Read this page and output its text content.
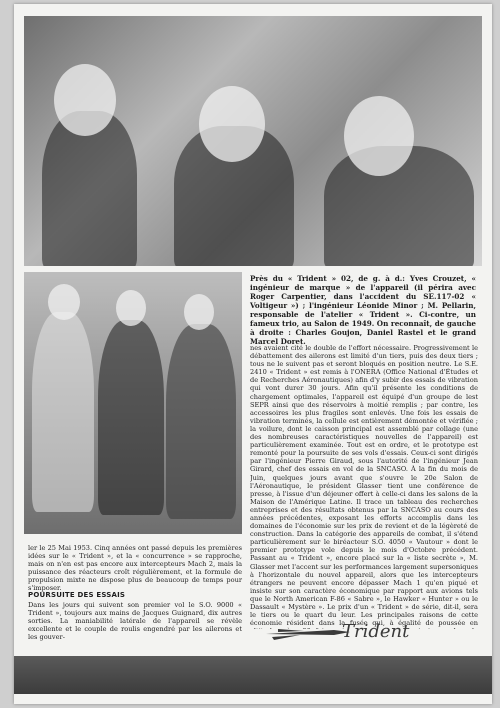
Près du « Trident » 02, de g. à d.: Yves Crouzet, « ingénieur de marque » de l'appareil (il périra avec Roger Carpentier, dans l'accident du SE.117-02 « Voltigeur ») ; l'ingénieur Léonide Minor ; M. Pellarin, responsable de l'atelier « Trident ». Ci-contre, un fameux trio, au Salon de 1949. On reconnaît, de gauche à droite : Charles Goujon, Daniel Rastel et le grand Marcel Doret.
nes avaient cité le double de l'effort nécessaire. Progressivement le débattement des ailerons est limité d'un tiers, puis des deux tiers ; tous ne le suivent pas et seront bloqués en position neutre. Le S.E. 2410 « Trident » est remis à l'ONERA (Office National d'Études et de Recherches Aéronautiques) afin d'y subir des essais de vibration qui vont durer 30 jours. Afin qu'il présente les conditions de chargement optimales, l'appareil est équipé d'un groupe de lest SEPR ainsi que des réservoirs à moitié remplis ; par contre, les accessoires les plus fragiles sont enlevés. Une fois les essais de vibration terminés, la cellule est entièrement démontée et vérifiée ; la voilure, dont le caisson principal est assemblé par collage (une des nombreuses caractéristiques nouvelles de l'appareil) est particulièrement examinée. Tout est en ordre, et le prototype est remonté pour la poursuite de ses vols d'essais. Ceux-ci sont dirigés par l'ingénieur Pierre Giraud, sous l'autorité de l'ingénieur Jean Girard, chef des essais en vol de la SNCASO. À la fin du mois de Juin, quelques jours avant que s'ouvre le 20e Salon de l'Aéronautique, le président Glasser tient une conférence de presse, à l'issue d'un déjeuner offert à celle-ci dans les salons de la Maison de l'Amérique Latine. Il trace un tableau des recherches entreprises et des résultats obtenus par la SNCASO au cours des années précédentes, exposant les efforts accomplis dans les domaines de l'économie sur les prix de revient et de la légèreté de construction. Dans la catégorie des appareils de combat, il s'étend particulièrement sur le biréacteur S.O. 4050 « Vautour » dont le premier prototype vole depuis le mois d'Octobre précédent. Passant au « Trident », encore placé sur la « liste secrète », M. Glasser met l'accent sur les performances largement supersoniques à l'horizontale du nouvel appareil, alors que les intercepteurs étrangers ne peuvent encore dépasser Mach 1 qu'en piqué et insiste sur son caractère économique par rapport aux avions tels que le North American F-86 « Sabre », le Hawker « Hunter » ou le Dassault « Mystère ». Le prix d'un « Trident » de série, dit-il, sera le tiers ou le quart du leur. Les principales raisons de cette économie résident dans la fusée qui, à égalité de poussée en
ler le 25 Mai 1953. Cinq années ont passé depuis les premières idées sur le « Trident », et la « concurrence » se rapproche, mais on n'en est pas encore aux intercepteurs Mach 2, mais la puissance des réacteurs croît régulièrement, et la formule de propulsion mixte ne dispose plus de beaucoup de temps pour s'imposer.
POURSUITE DES ESSAIS
Dans les jours qui suivent son premier vol le S.O. 9000 « Trident », toujours aux mains de Jacques Guignard, dix autres sorties. La maniabilité latérale de l'appareil se révèle excellente et le couple de roulis engendré par les ailerons et les gouver-	Trident
